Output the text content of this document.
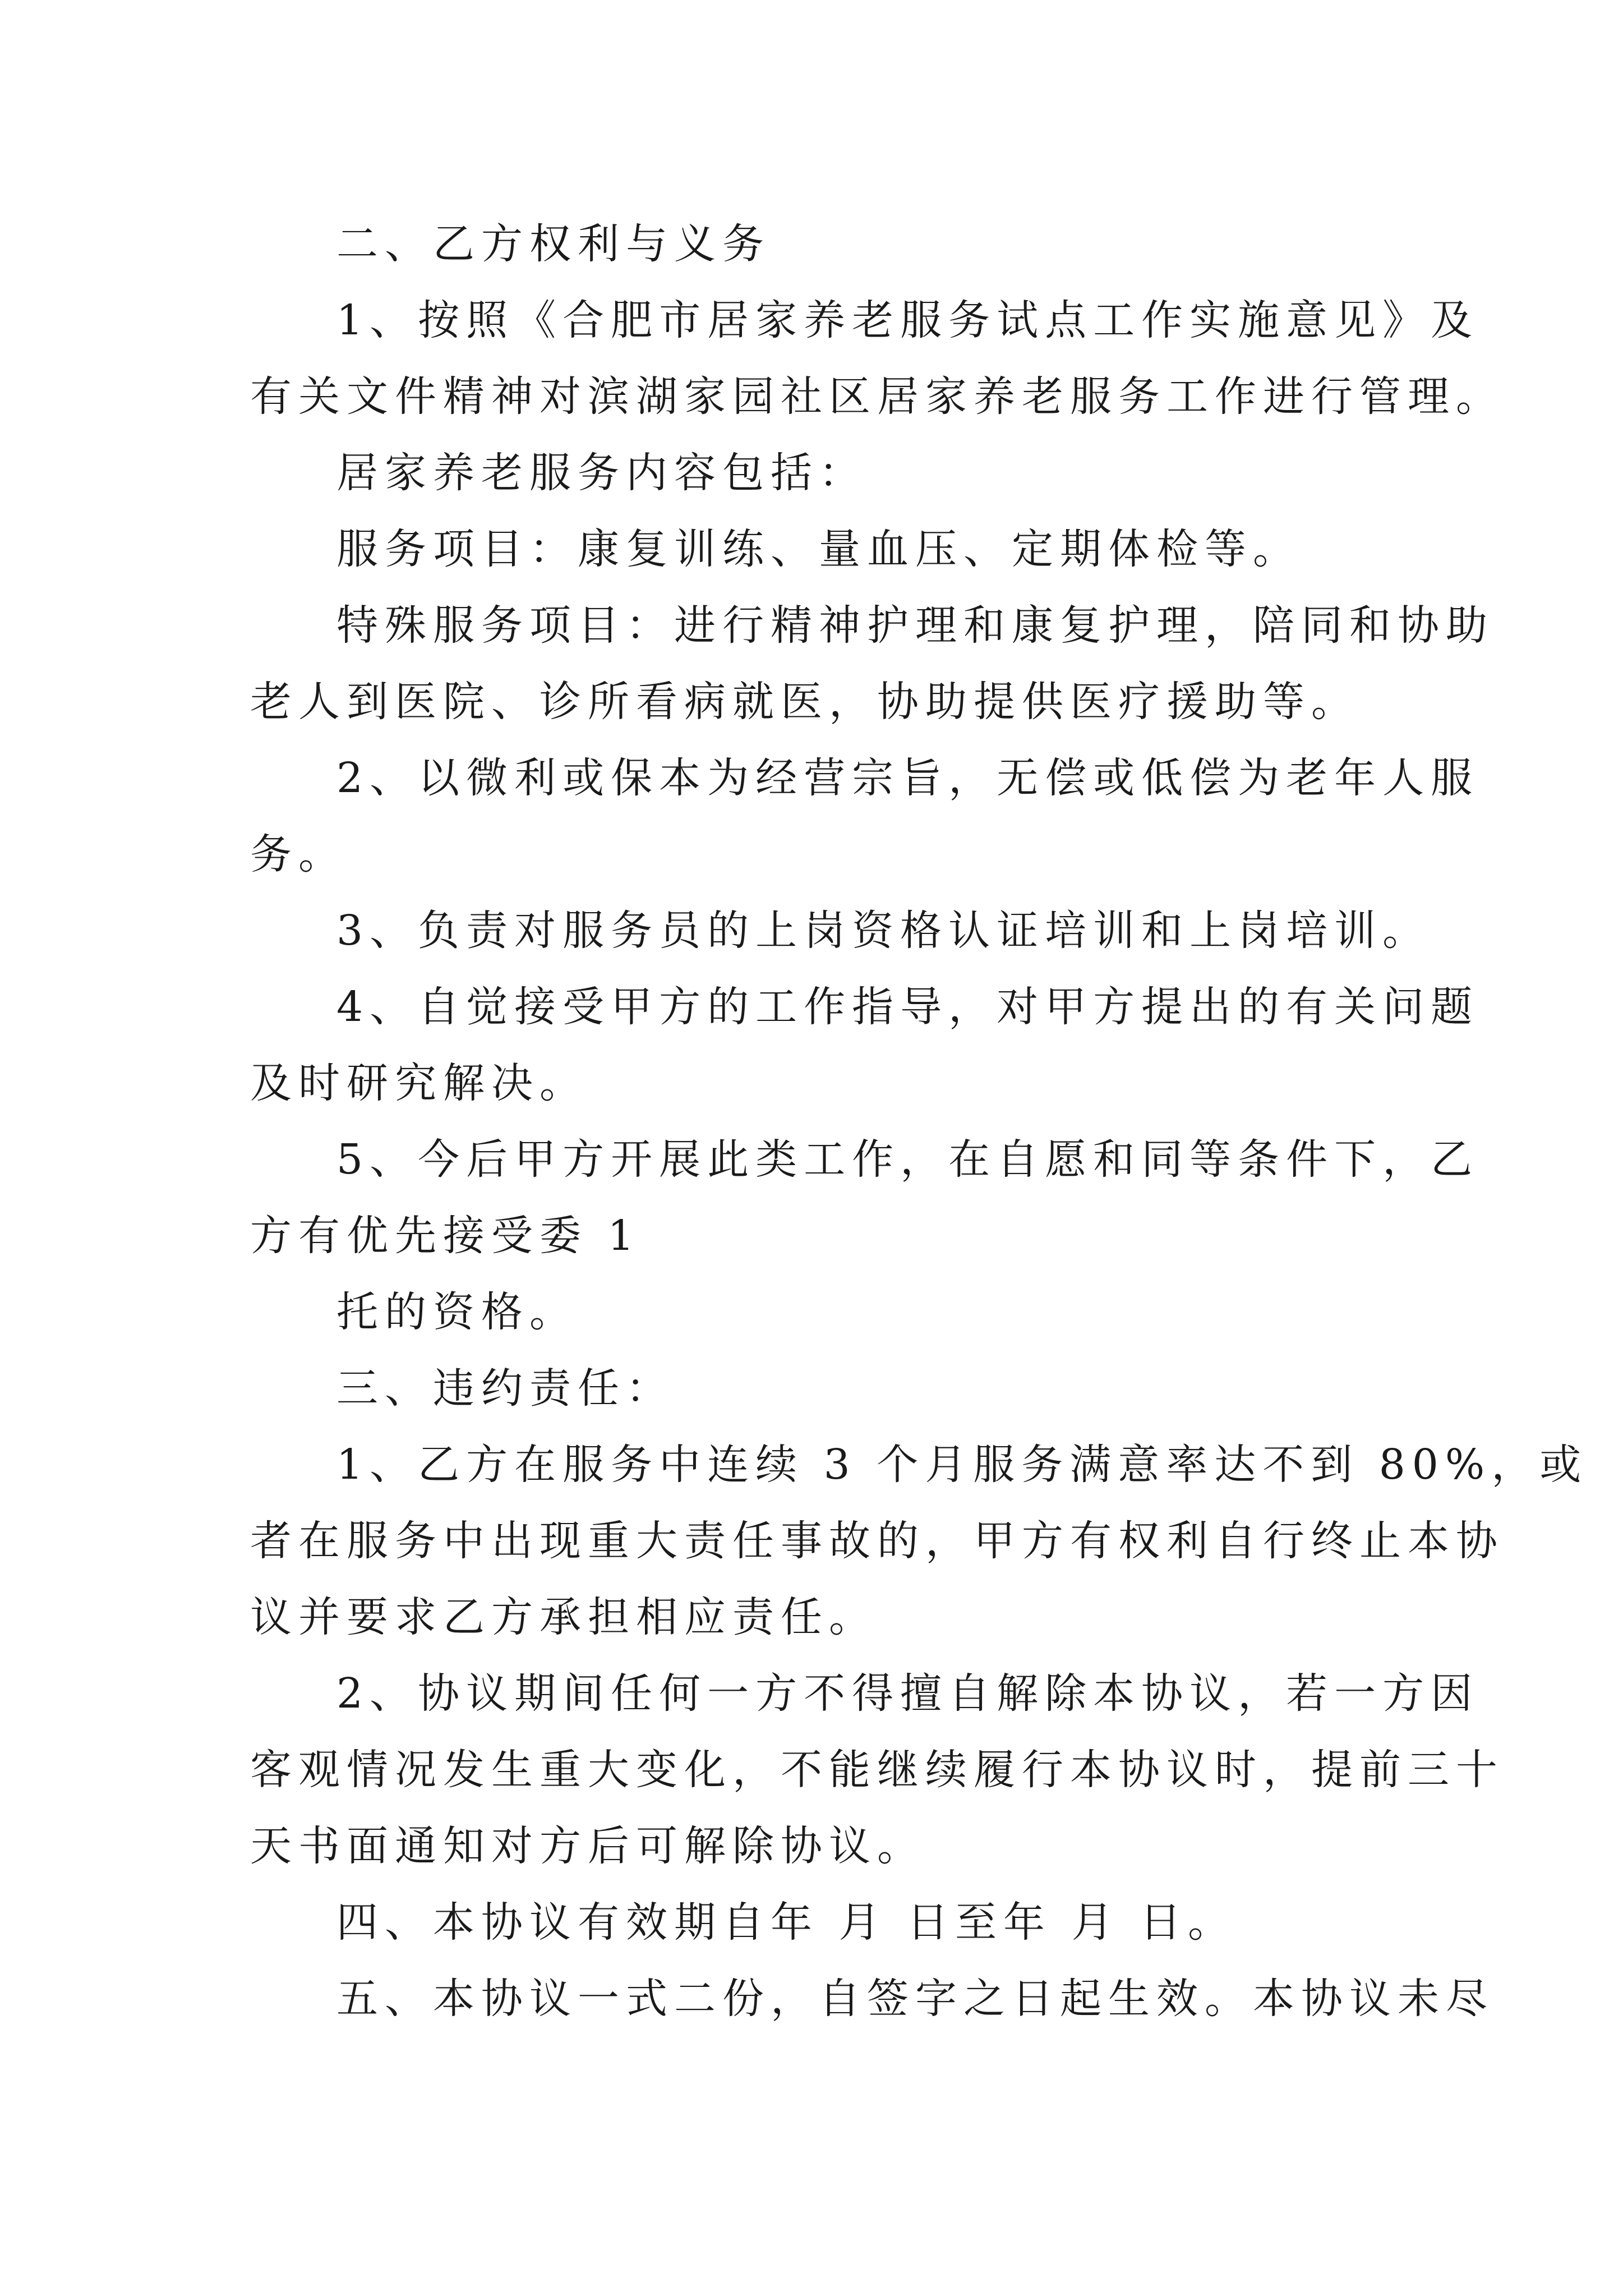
二、乙方权利与义务
1、按照《合肥市居家养老服务试点工作实施意见》及
有关文件精神对滨湖家园社区居家养老服务工作进行管理。
居家养老服务内容包括：
服务项目：康复训练、量血压、定期体检等。
特殊服务项目：进行精神护理和康复护理，陪同和协助
老人到医院、诊所看病就医，协助提供医疗援助等。
2、以微利或保本为经营宗旨，无偿或低偿为老年人服
务。
3、负责对服务员的上岗资格认证培训和上岗培训。
4、自觉接受甲方的工作指导，对甲方提出的有关问题
及时研究解决。
5、今后甲方开展此类工作，在自愿和同等条件下，乙
方有优先接受委 1
托的资格。
三、违约责任：
1、乙方在服务中连续 3 个月服务满意率达不到 80%，或
者在服务中出现重大责任事故的，甲方有权利自行终止本协
议并要求乙方承担相应责任。
2、协议期间任何一方不得擅自解除本协议，若一方因
客观情况发生重大变化，不能继续履行本协议时，提前三十
天书面通知对方后可解除协议。
四、本协议有效期自年 月 日至年 月 日。
五、本协议一式二份，自签字之日起生效。本协议未尽
